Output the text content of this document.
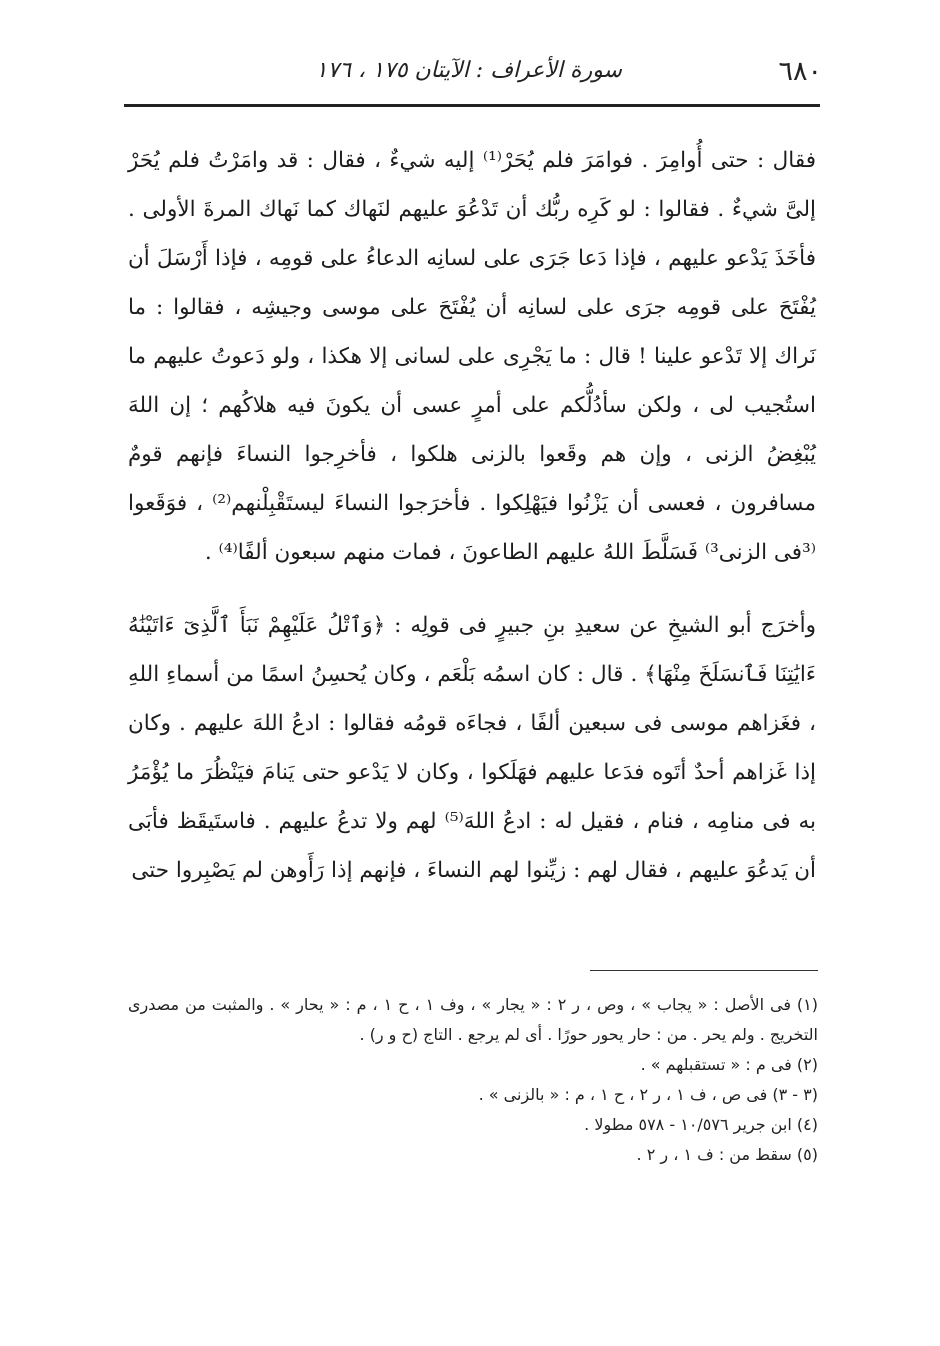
٦٨٠
سورة الأعراف : الآيتان ١٧٥ ، ١٧٦

فقال : حتى أُوامِرَ . فوامَرَ فلم يُحَرْ⁽¹⁾ إليه شيءٌ ، فقال : قد وامَرْتُ فلم يُحَرْ إلىَّ شيءٌ . فقالوا : لو كَرِه ربُّك أن تَدْعُوَ عليهم لنَهاك كما نَهاك المرةَ الأولى . فأخَذَ يَدْعو عليهم ، فإذا دَعا جَرَى على لسانِه الدعاءُ على قومِه ، فإذا أَرْسَلَ أن يُفْتَحَ على قومِه جرَى على لسانِه أن يُفْتَحَ على موسى وجيشِه ، فقالوا : ما نَراك إلا تَدْعو علينا ! قال : ما يَجْرِى على لسانى إلا هكذا ، ولو دَعوتُ عليهم ما استُجيب لى ، ولكن سأدُلُّكم على أمرٍ عسى أن يكونَ فيه هلاكُهم ؛ إن اللهَ يُبْغِضُ الزنى ، وإن هم وقَعوا بالزنى هلكوا ، فأخرِجوا النساءَ فإنهم قومٌ مسافرون ، فعسى أن يَزْنُوا فيَهْلِكوا . فأخرَجوا النساءَ ليستَقْبِلْنهم⁽²⁾ ، فوَقَعوا ⁽³فى الزنى³⁾ فَسَلَّطَ اللهُ عليهم الطاعونَ ، فمات منهم سبعون ألفًا⁽⁴⁾ .

وأخرَج أبو الشيخِ عن سعيدِ بنِ جبيرٍ فى قولِه : ﴿وَٱتْلُ عَلَيْهِمْ نَبَأَ ٱلَّذِىٓ ءَاتَيْنَٰهُ ءَايَٰتِنَا فَٱنسَلَخَ مِنْهَا﴾ . قال : كان اسمُه بَلْعَم ، وكان يُحسِنُ اسمًا من أسماءِ اللهِ ، فغَزاهم موسى فى سبعين ألفًا ، فجاءَه قومُه فقالوا : ادعُ اللهَ عليهم . وكان إذا غَزاهم أحدٌ أتَوه فدَعا عليهم فهَلَكوا ، وكان لا يَدْعو حتى يَنامَ فيَنْظُرَ ما يُؤْمَرُ به فى منامِه ، فنام ، فقيل له : ادعُ اللهَ⁽⁵⁾ لهم ولا تدعُ عليهم . فاستَيقَظ فأبَى أن يَدعُوَ عليهم ، فقال لهم : زيِّنوا لهم النساءَ ، فإنهم إذا رَأَوهن لم يَصْبِروا حتى

(١) فى الأصل : « يجاب » ، وص ، ر ٢ : « يجار » ، وف ١ ، ح ١ ، م : « يحار » . والمثبت من مصدرى التخريج . ولم يحر . من : حار يحور حورًا . أى لم يرجع . التاج (ح و ر) .

(٢) فى م : « تستقبلهم » .

(٣ - ٣) فى ص ، ف ١ ، ر ٢ ، ح ١ ، م : « بالزنى » .

(٤) ابن جرير ١٠/٥٧٦ - ٥٧٨ مطولا .

(٥) سقط من : ف ١ ، ر ٢ .
